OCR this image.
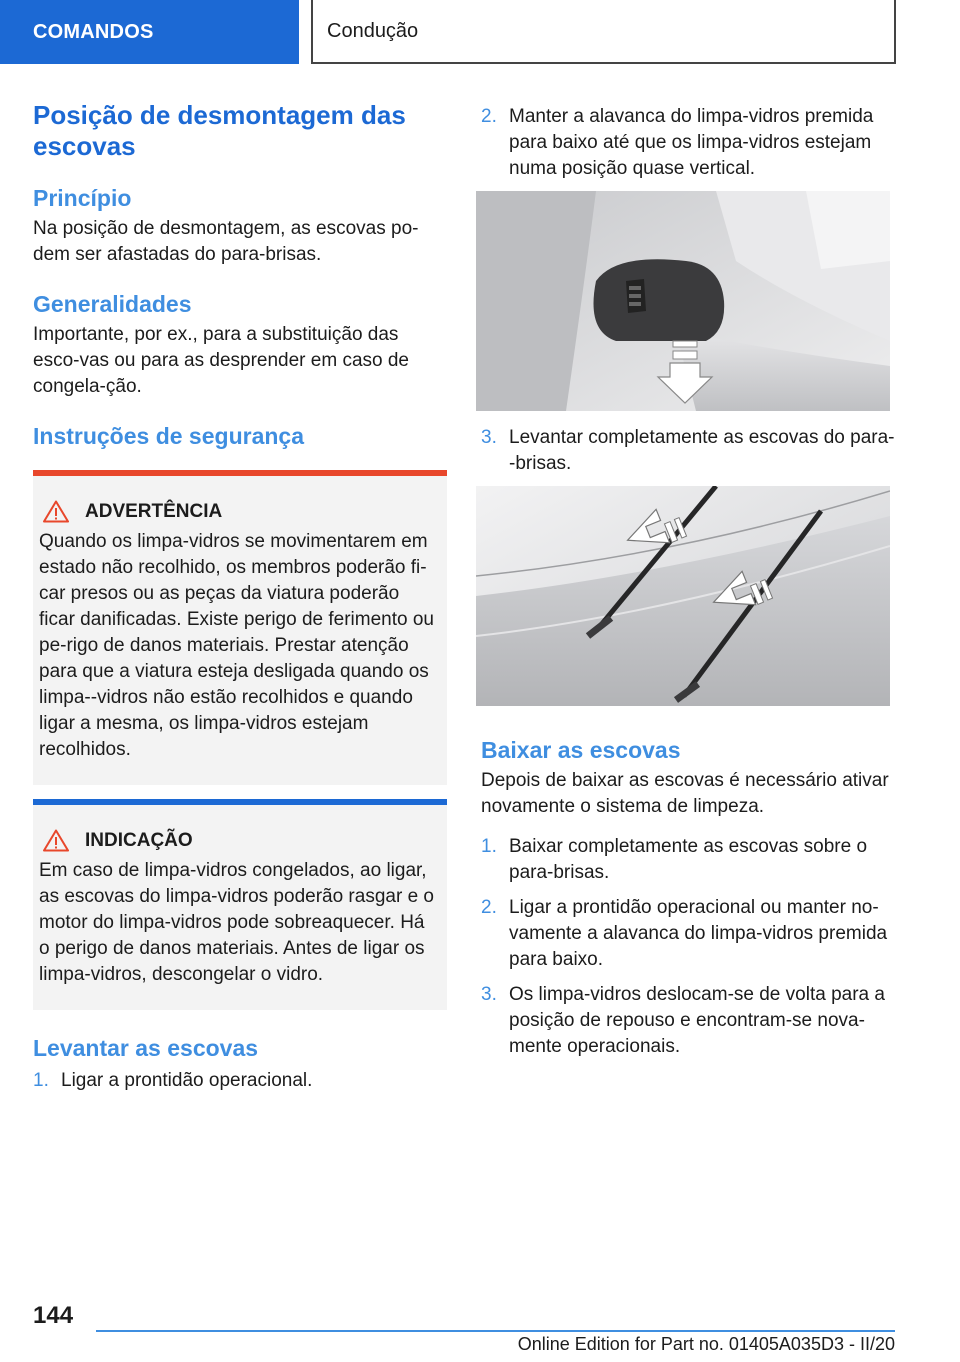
COMANDOS	Condução
Posição de desmontagem das escovas
Princípio

Na posição de desmontagem, as escovas po-dem ser afastadas do para-brisas.

Generalidades

Importante, por ex., para a substituição das esco-vas ou para as desprender em caso de congela-ção.

Instruções de segurança
ADVERTÊNCIA

Quando os limpa-vidros se movimentarem em estado não recolhido, os membros poderão fi-car presos ou as peças da viatura poderão ficar danificadas. Existe perigo de ferimento ou pe-rigo de danos materiais. Prestar atenção para que a viatura esteja desligada quando os limpa--vidros não estão recolhidos e quando ligar a mesma, os limpa-vidros estejam recolhidos.

INDICAÇÃO

Em caso de limpa-vidros congelados, ao ligar, as escovas do limpa-vidros poderão rasgar e o motor do limpa-vidros pode sobreaquecer. Há o perigo de danos materiais. Antes de ligar os limpa-vidros, descongelar o vidro.

Levantar as escovas
1. Ligar a prontidão operacional.
2. Manter a alavanca do limpa-vidros premida para baixo até que os limpa-vidros estejam numa posição quase vertical.
3. Levantar completamente as escovas do para--brisas.
Baixar as escovas

Depois de baixar as escovas é necessário ativar novamente o sistema de limpeza.

1. Baixar completamente as escovas sobre o para-brisas.
2. Ligar a prontidão operacional ou manter no-vamente a alavanca do limpa-vidros premida para baixo.
3. Os limpa-vidros deslocam-se de volta para a posição de repouso e encontram-se nova-mente operacionais.
144
Online Edition for Part no. 01405A035D3 - II/20
